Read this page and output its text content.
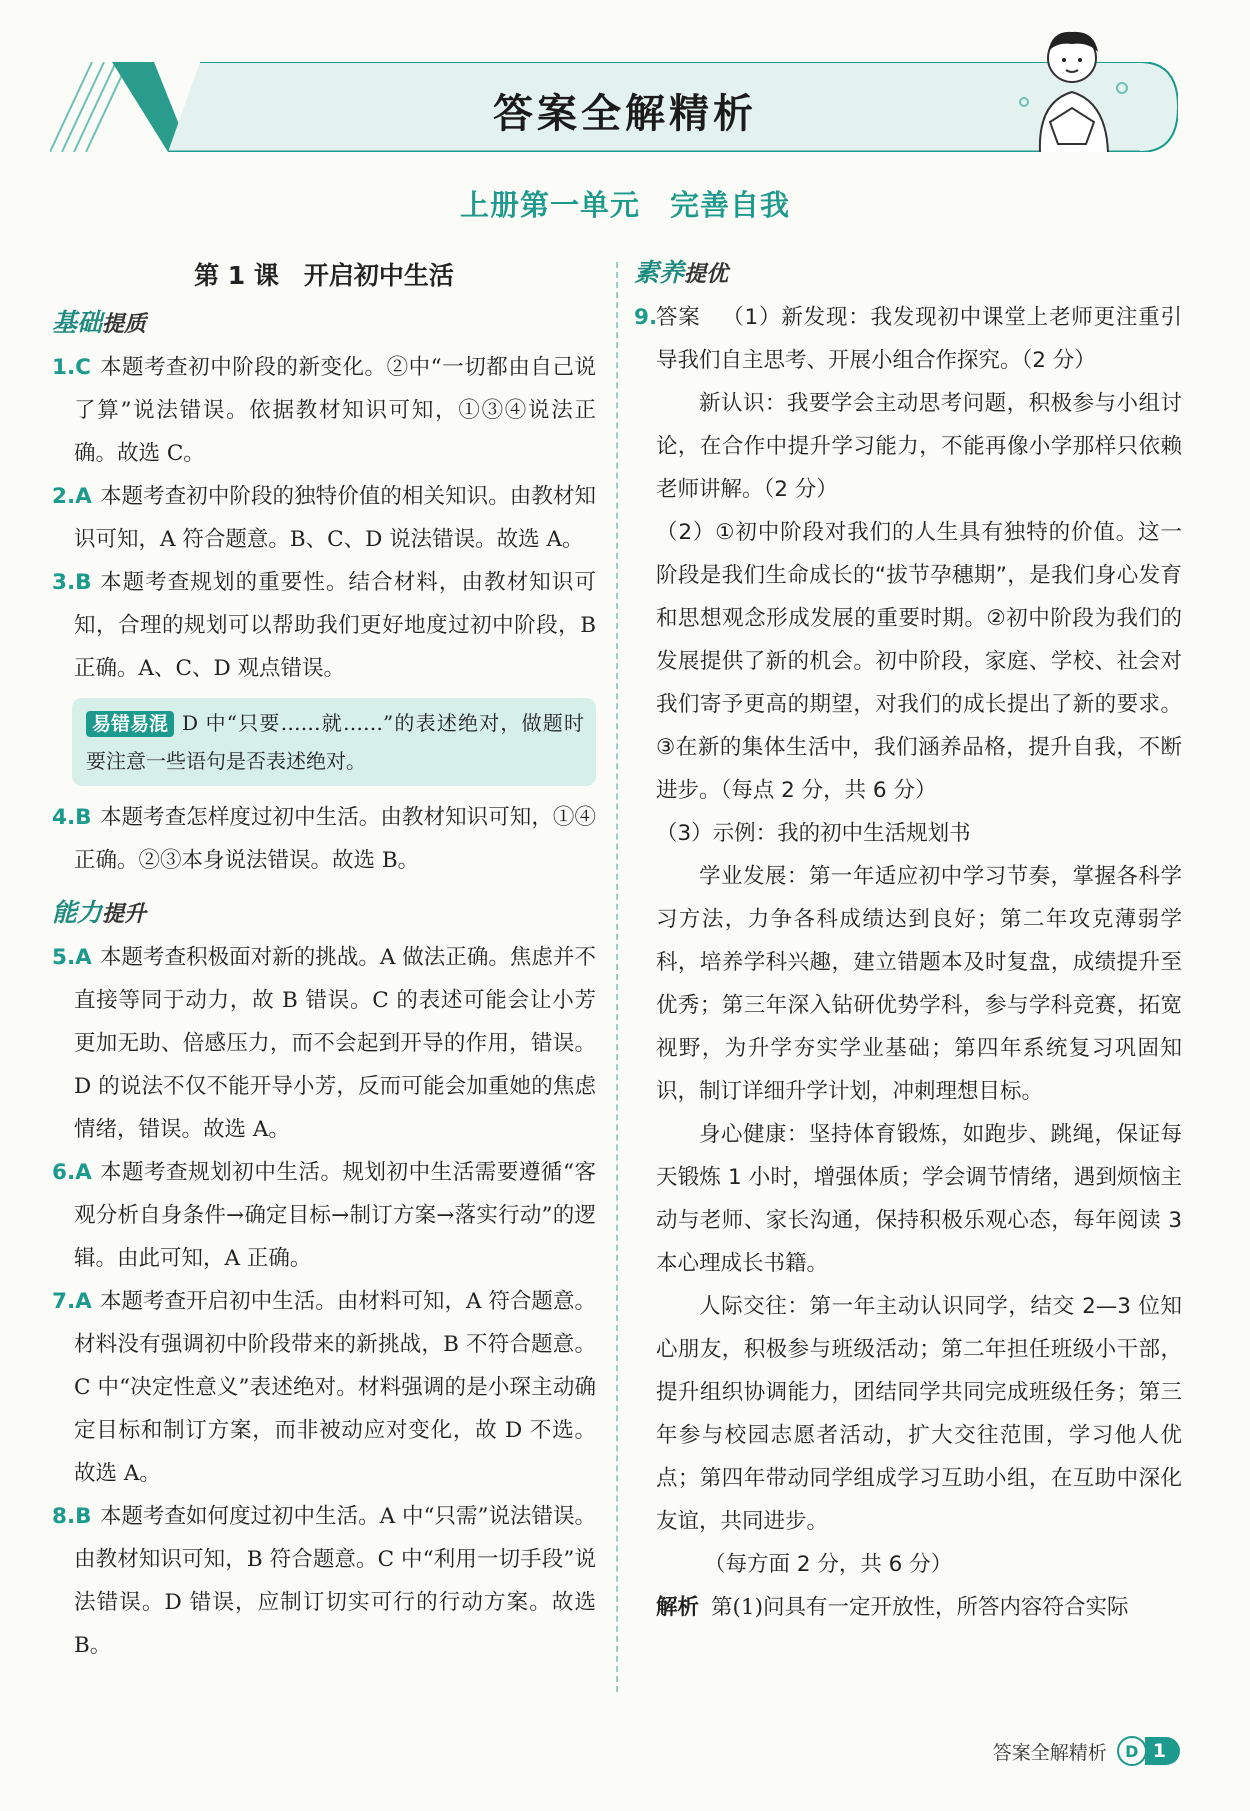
答案全解精析
上册第一单元　完善自我
第 1 课　开启初中生活
基础提质
1.C 本题考查初中阶段的新变化。②中“一切都由自己说了算”说法错误。依据教材知识可知，①③④说法正确。故选 C。
2.A 本题考查初中阶段的独特价值的相关知识。由教材知识可知，A 符合题意。B、C、D 说法错误。故选 A。
3.B 本题考查规划的重要性。结合材料，由教材知识可知，合理的规划可以帮助我们更好地度过初中阶段，B 正确。A、C、D 观点错误。
易错易混 D 中“只要……就……”的表述绝对，做题时要注意一些语句是否表述绝对。
4.B 本题考查怎样度过初中生活。由教材知识可知，①④正确。②③本身说法错误。故选 B。
能力提升
5.A 本题考查积极面对新的挑战。A 做法正确。焦虑并不直接等同于动力，故 B 错误。C 的表述可能会让小芳更加无助、倍感压力，而不会起到开导的作用，错误。D 的说法不仅不能开导小芳，反而可能会加重她的焦虑情绪，错误。故选 A。
6.A 本题考查规划初中生活。规划初中生活需要遵循“客观分析自身条件→确定目标→制订方案→落实行动”的逻辑。由此可知，A 正确。
7.A 本题考查开启初中生活。由材料可知，A 符合题意。材料没有强调初中阶段带来的新挑战，B 不符合题意。C 中“决定性意义”表述绝对。材料强调的是小琛主动确定目标和制订方案，而非被动应对变化，故 D 不选。故选 A。
8.B 本题考查如何度过初中生活。A 中“只需”说法错误。由教材知识可知，B 符合题意。C 中“利用一切手段”说法错误。D 错误，应制订切实可行的行动方案。故选 B。
素养提优
9.
答案 （1）新发现：我发现初中课堂上老师更注重引导我们自主思考、开展小组合作探究。（2 分）
新认识：我要学会主动思考问题，积极参与小组讨论，在合作中提升学习能力，不能再像小学那样只依赖老师讲解。（2 分）
（2）①初中阶段对我们的人生具有独特的价值。这一阶段是我们生命成长的“拔节孕穗期”，是我们身心发育和思想观念形成发展的重要时期。②初中阶段为我们的发展提供了新的机会。初中阶段，家庭、学校、社会对我们寄予更高的期望，对我们的成长提出了新的要求。③在新的集体生活中，我们涵养品格，提升自我，不断进步。（每点 2 分，共 6 分）
（3）示例：我的初中生活规划书
学业发展：第一年适应初中学习节奏，掌握各科学习方法，力争各科成绩达到良好；第二年攻克薄弱学科，培养学科兴趣，建立错题本及时复盘，成绩提升至优秀；第三年深入钻研优势学科，参与学科竞赛，拓宽视野，为升学夯实学业基础；第四年系统复习巩固知识，制订详细升学计划，冲刺理想目标。
身心健康：坚持体育锻炼，如跑步、跳绳，保证每天锻炼 1 小时，增强体质；学会调节情绪，遇到烦恼主动与老师、家长沟通，保持积极乐观心态，每年阅读 3 本心理成长书籍。
人际交往：第一年主动认识同学，结交 2—3 位知心朋友，积极参与班级活动；第二年担任班级小干部，提升组织协调能力，团结同学共同完成班级任务；第三年参与校园志愿者活动，扩大交往范围，学习他人优点；第四年带动同学组成学习互助小组，在互助中深化友谊，共同进步。
（每方面 2 分，共 6 分）
解析 第(1)问具有一定开放性，所答内容符合实际
答案全解精析	D 1
